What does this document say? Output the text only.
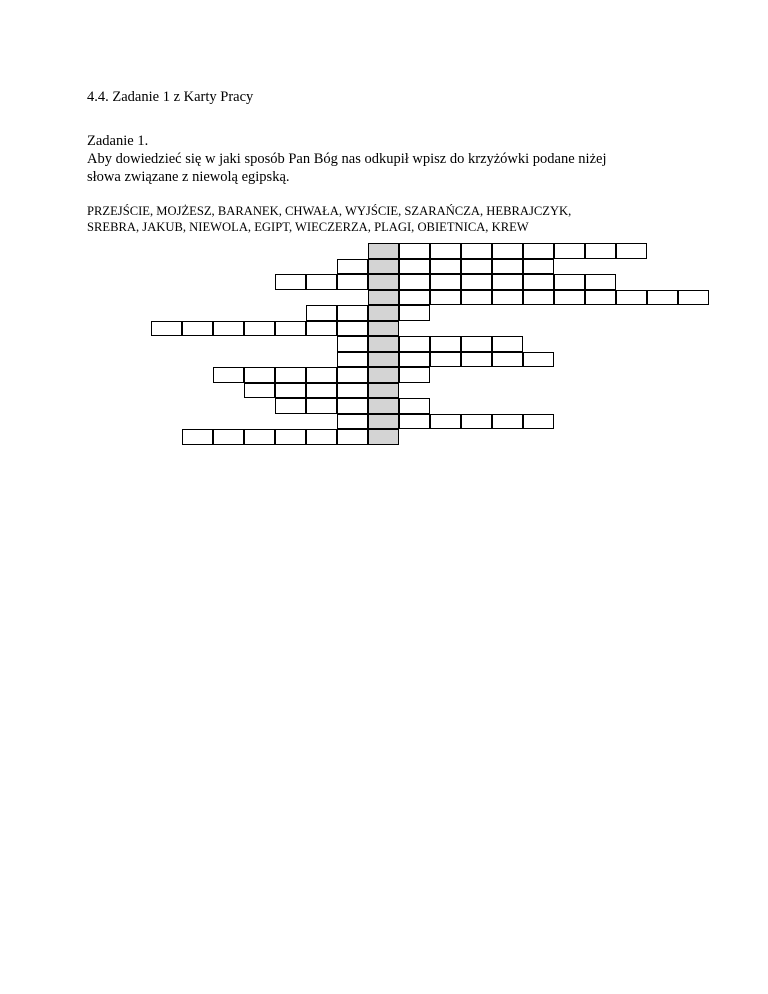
4.4. Zadanie 1 z Karty Pracy
Zadanie 1.
Aby dowiedzieć się w jaki sposób Pan Bóg nas odkupił wpisz do krzyżówki podane niżej
słowa związane z niewolą egipską.
PRZEJŚCIE, MOJŻESZ, BARANEK, CHWAŁA, WYJŚCIE, SZARAŃCZA, HEBRAJCZYK,
SREBRA, JAKUB, NIEWOLA, EGIPT, WIECZERZA, PLAGI, OBIETNICA, KREW
